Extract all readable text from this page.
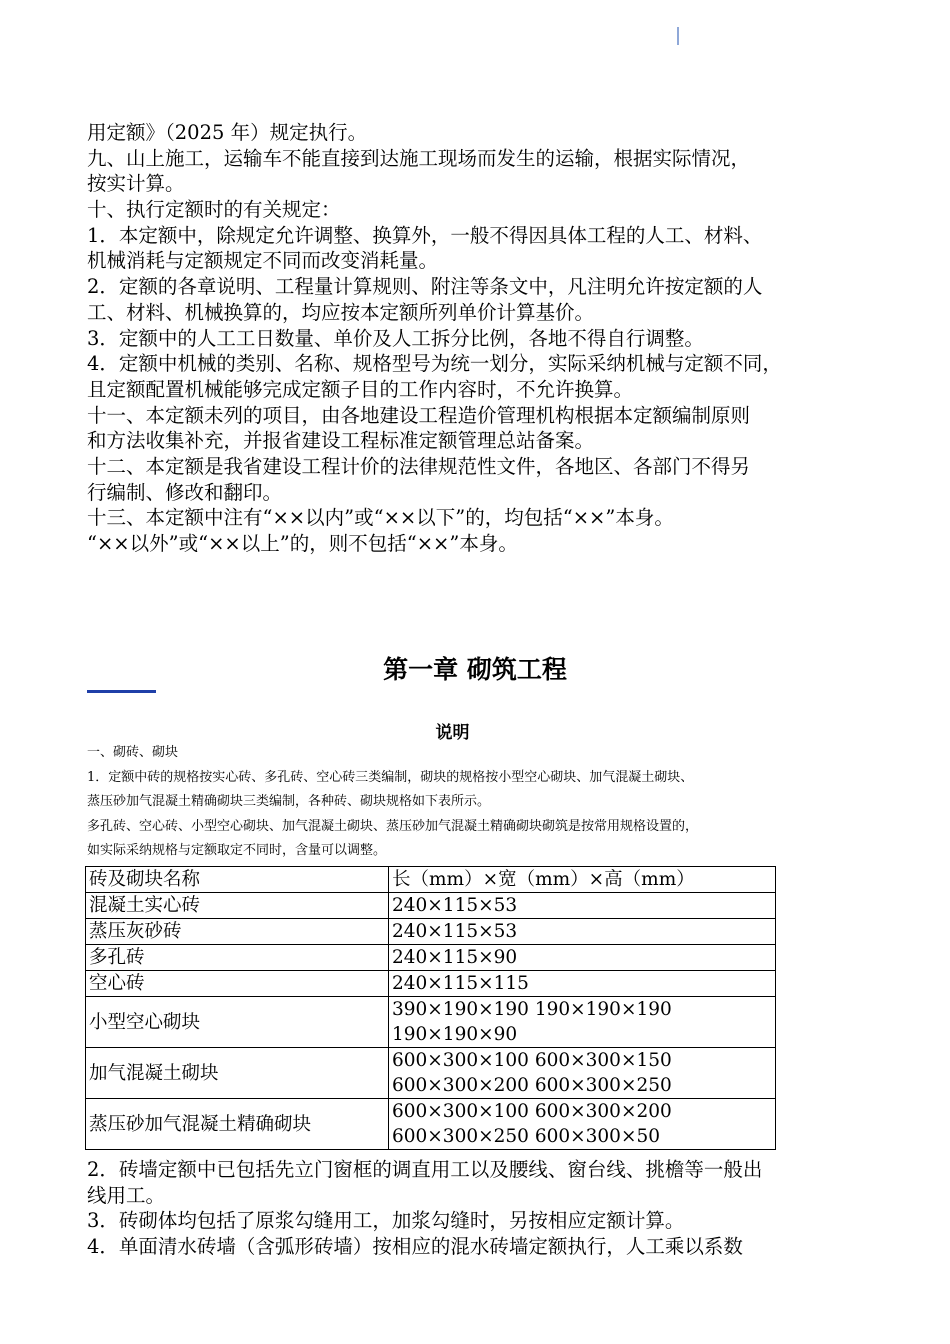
用定额》（2025 年）规定执行。
九、山上施工，运输车不能直接到达施工现场而发生的运输，根据实际情况，
按实计算。
十、执行定额时的有关规定：
1．本定额中，除规定允许调整、换算外，一般不得因具体工程的人工、材料、
机械消耗与定额规定不同而改变消耗量。
2．定额的各章说明、工程量计算规则、附注等条文中，凡注明允许按定额的人
工、材料、机械换算的，均应按本定额所列单价计算基价。
3．定额中的人工工日数量、单价及人工拆分比例，各地不得自行调整。
4．定额中机械的类别、名称、规格型号为统一划分，实际采纳机械与定额不同，
且定额配置机械能够完成定额子目的工作内容时，不允许换算。
十一、本定额未列的项目，由各地建设工程造价管理机构根据本定额编制原则
和方法收集补充，并报省建设工程标准定额管理总站备案。
十二、本定额是我省建设工程计价的法律规范性文件，各地区、各部门不得另
行编制、修改和翻印。
十三、本定额中注有“××以内”或“××以下”的，均包括“××”本身。
“××以外”或“××以上”的，则不包括“××”本身。
第一章 砌筑工程
说明
一、砌砖、砌块
1．定额中砖的规格按实心砖、多孔砖、空心砖三类编制，砌块的规格按小型空心砌块、加气混凝土砌块、
蒸压砂加气混凝土精确砌块三类编制，各种砖、砌块规格如下表所示。
多孔砖、空心砖、小型空心砌块、加气混凝土砌块、蒸压砂加气混凝土精确砌块砌筑是按常用规格设置的，
如实际采纳规格与定额取定不同时，含量可以调整。
砖及砌块名称	长（mm）×宽（mm）×高（mm）
混凝土实心砖	240×115×53

蒸压灰砂砖	240×115×53

多孔砖	240×115×90

空心砖	240×115×115

小型空心砌块	390×190×190 190×190×190
190×190×90

加气混凝土砌块	600×300×100 600×300×150
600×300×200 600×300×250

蒸压砂加气混凝土精确砌块	600×300×100 600×300×200
600×300×250 600×300×50
2．砖墙定额中已包括先立门窗框的调直用工以及腰线、窗台线、挑檐等一般出
线用工。
3．砖砌体均包括了原浆勾缝用工，加浆勾缝时，另按相应定额计算。
4．单面清水砖墙（含弧形砖墙）按相应的混水砖墙定额执行，人工乘以系数
